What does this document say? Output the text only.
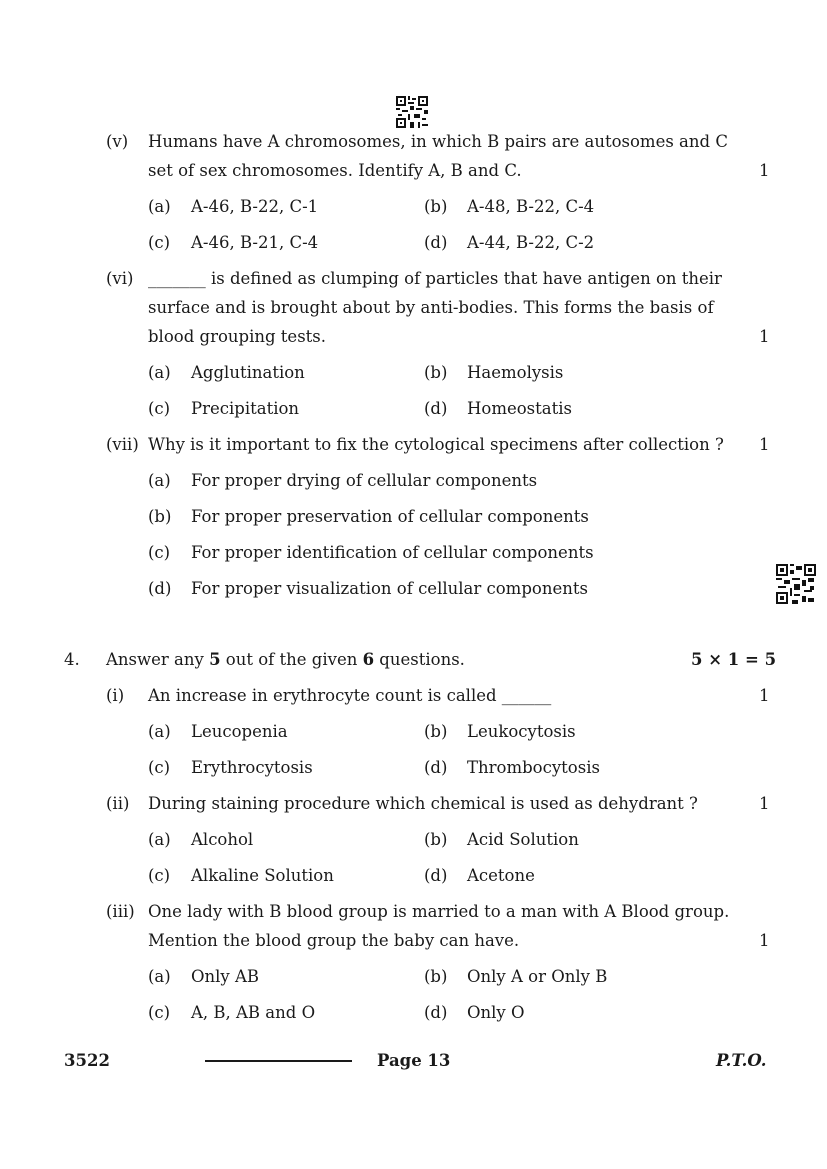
(v) Humans have A chromosomes, in which B pairs are autosomes and C
set of sex chromosomes. Identify A, B and C.	1
(a) A-46, B-22, C-1	(b) A-48, B-22, C-4
(c) A-46, B-21, C-4	(d) A-44, B-22, C-2
(vi) _______ is defined as clumping of particles that have antigen on their
surface and is brought about by anti-bodies. This forms the basis of
blood grouping tests.	1
(a) Agglutination	(b) Haemolysis
(c) Precipitation	(d) Homeostatis
(vii) Why is it important to fix the cytological specimens after collection ? 1
(a) For proper drying of cellular components
(b) For proper preservation of cellular components
(c) For proper identification of cellular components
(d) For proper visualization of cellular components
4. Answer any 5 out of the given 6 questions.	5 × 1 = 5
(i) An increase in erythrocyte count is called ______	1
(a) Leucopenia	(b) Leukocytosis
(c) Erythrocytosis	(d) Thrombocytosis
(ii) During staining procedure which chemical is used as dehydrant ?	1
(a) Alcohol	(b) Acid Solution
(c) Alkaline Solution	(d) Acetone
(iii) One lady with B blood group is married to a man with A Blood group.
Mention the blood group the baby can have.	1
(a) Only AB	(b) Only A or Only B
(c) A, B, AB and O	(d) Only O
3522	Page 13	P.T.O.
